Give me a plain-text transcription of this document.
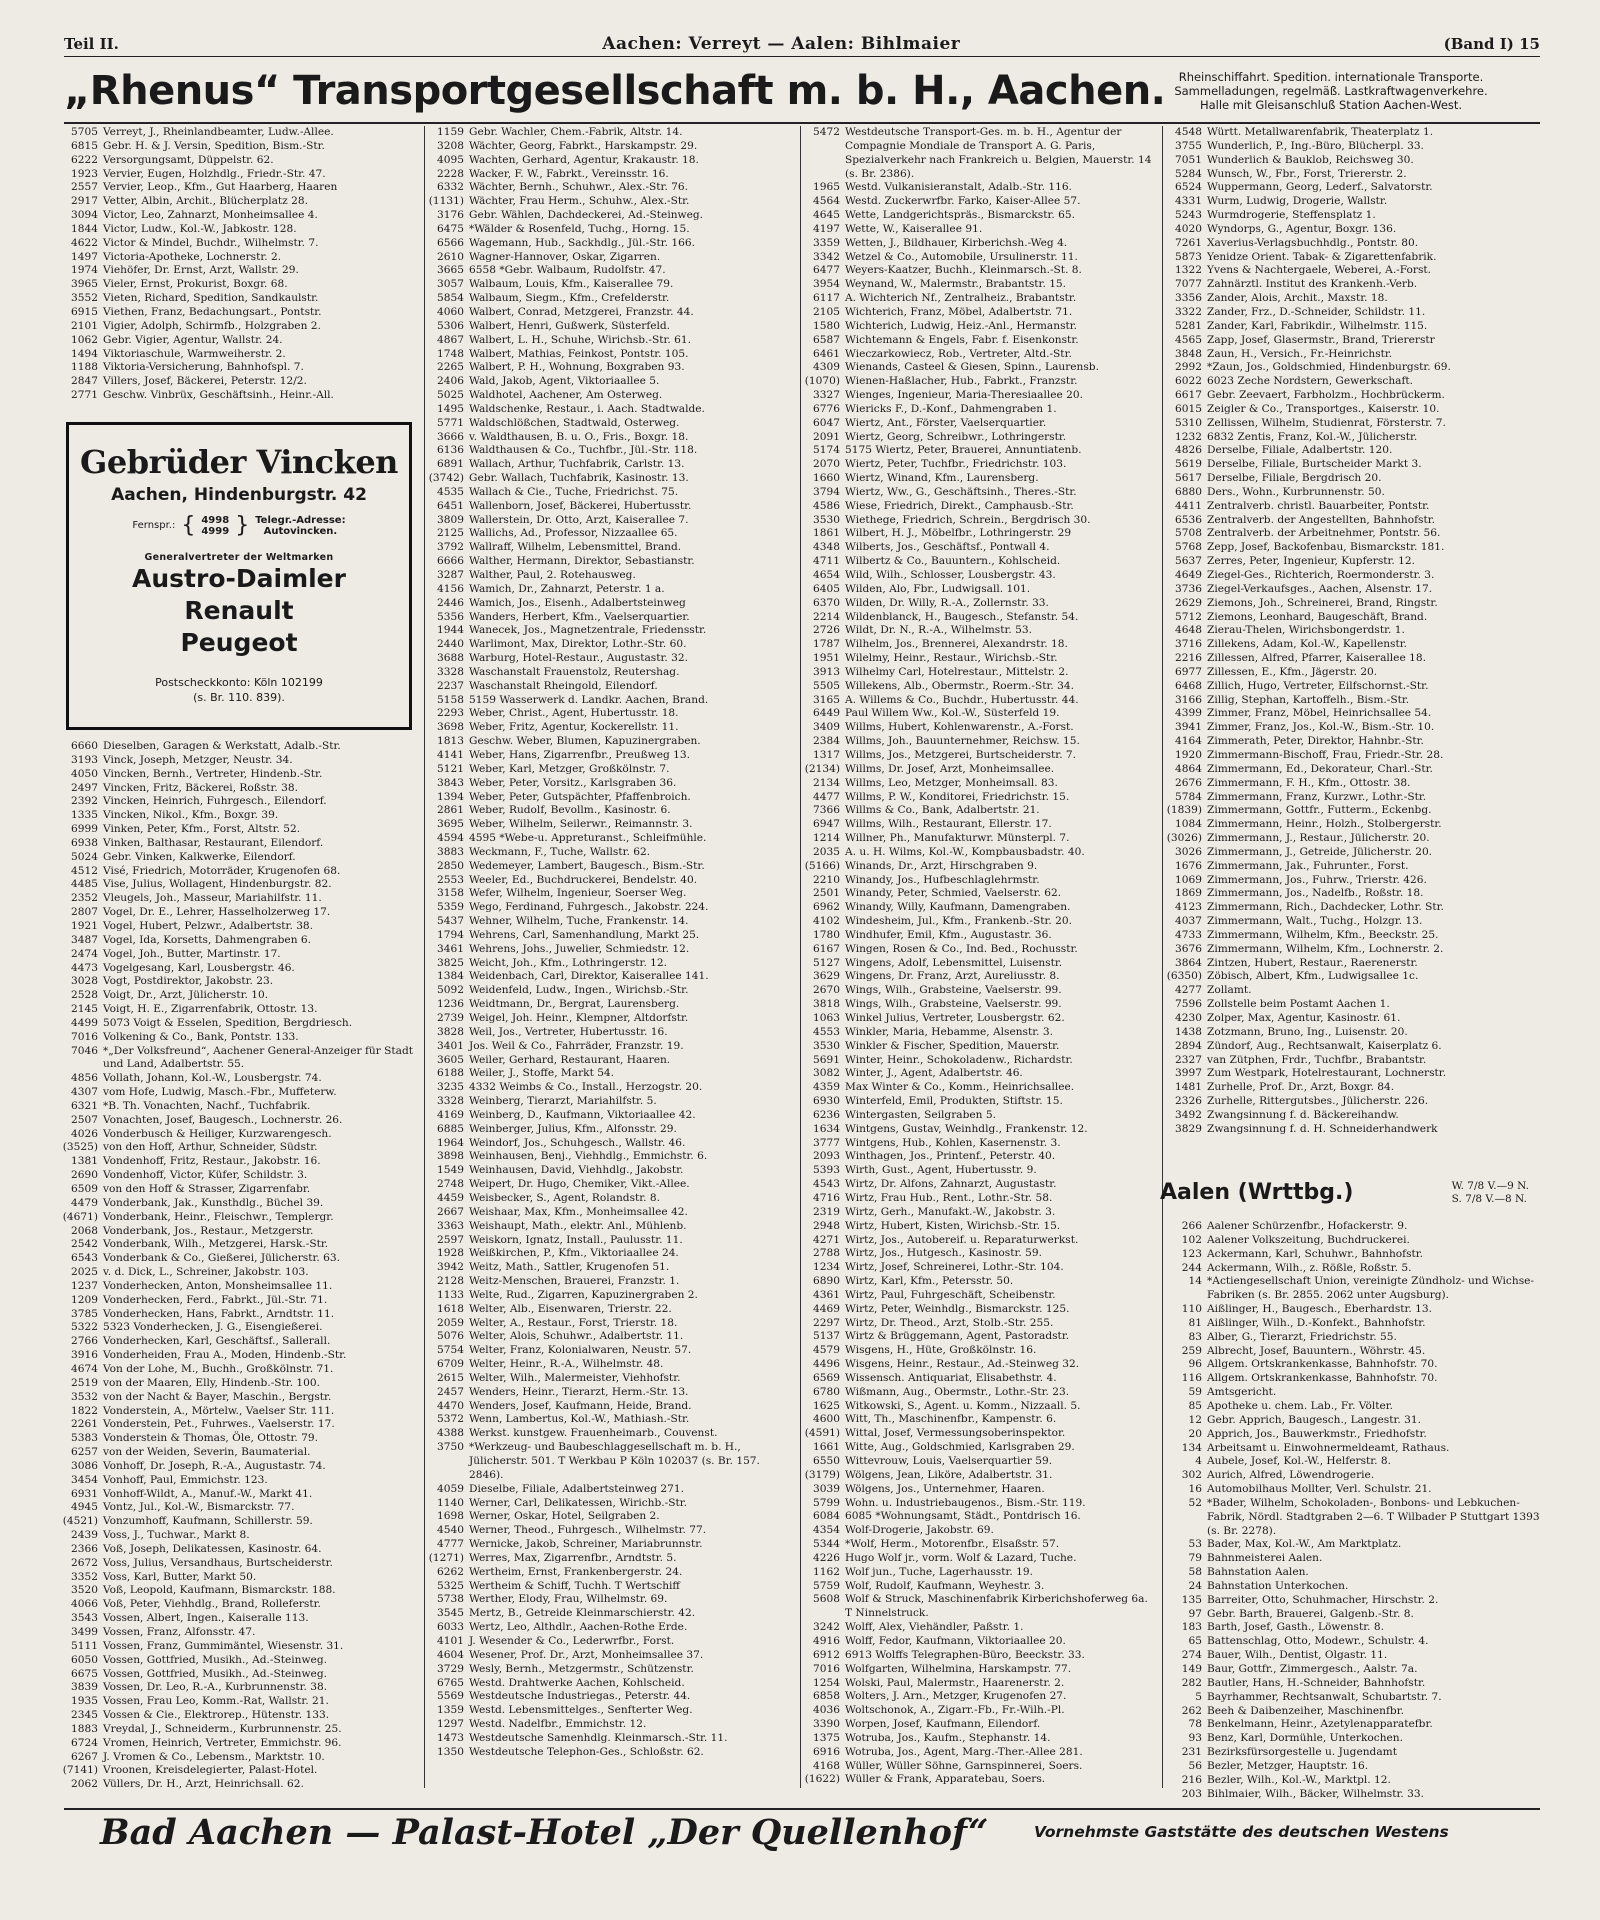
Teil II.	Aachen: Verreyt — Aalen: Bihlmaier	(Band I) 15
„Rhenus“ Transportgesellschaft m. b. H., Aachen.	Rheinschiffahrt. Spedition. internationale Transporte.
Sammelladungen, regelmäß. Lastkraftwagenverkehre.
Halle mit Gleisanschluß Station Aachen-West.
5705 Verreyt, J., Rheinlandbeamter, Ludw.-Allee.
6815 Gebr. H. & J. Versin, Spedition, Bism.-Str.
6222 Versorgungsamt, Düppelstr. 62.
1923 Vervier, Eugen, Holzhdlg., Friedr.-Str. 47.
2557 Vervier, Leop., Kfm., Gut Haarberg, Haaren
2917 Vetter, Albin, Archit., Blücherplatz 28.
3094 Victor, Leo, Zahnarzt, Monheimsallee 4.
1844 Victor, Ludw., Kol.-W., Jabkostr. 128.
4622 Victor & Mindel, Buchdr., Wilhelmstr. 7.
1497 Victoria-Apotheke, Lochnerstr. 2.
1974 Viehöfer, Dr. Ernst, Arzt, Wallstr. 29.
3965 Vieler, Ernst, Prokurist, Boxgr. 68.
3552 Vieten, Richard, Spedition, Sandkaulstr.
6915 Viethen, Franz, Bedachungsart., Pontstr.
2101 Vigier, Adolph, Schirmfb., Holzgraben 2.
1062 Gebr. Vigier, Agentur, Wallstr. 24.
1494 Viktoriaschule, Warmweiherstr. 2.
1188 Viktoria-Versicherung, Bahnhofspl. 7.
2847 Villers, Josef, Bäckerei, Peterstr. 12/2.
2771 Geschw. Vinbrüx, Geschäftsinh., Heinr.-All.
Gebrüder Vincken
Aachen, Hindenburgstr. 42
Fernspr.: { 4998
4999 } Telegr.-Adresse:
Autovincken.
Generalvertreter der Weltmarken
Austro-Daimler
Renault
Peugeot
Postscheckkonto: Köln 102199
(s. Br. 110. 839).
6660 Dieselben, Garagen & Werkstatt, Adalb.-Str.
3193 Vinck, Joseph, Metzger, Neustr. 34.
4050 Vincken, Bernh., Vertreter, Hindenb.-Str.
2497 Vincken, Fritz, Bäckerei, Roßstr. 38.
2392 Vincken, Heinrich, Fuhrgesch., Eilendorf.
1335 Vincken, Nikol., Kfm., Boxgr. 39.
6999 Vinken, Peter, Kfm., Forst, Altstr. 52.
6938 Vinken, Balthasar, Restaurant, Eilendorf.
5024 Gebr. Vinken, Kalkwerke, Eilendorf.
4512 Visé, Friedrich, Motorräder, Krugenofen 68.
4485 Vise, Julius, Wollagent, Hindenburgstr. 82.
2352 Vleugels, Joh., Masseur, Mariahilfstr. 11.
2807 Vogel, Dr. E., Lehrer, Hasselholzerweg 17.
1921 Vogel, Hubert, Pelzwr., Adalbertstr. 38.
3487 Vogel, Ida, Korsetts, Dahmengraben 6.
2474 Vogel, Joh., Butter, Martinstr. 17.
4473 Vogelgesang, Karl, Lousbergstr. 46.
3028 Vogt, Postdirektor, Jakobstr. 23.
2528 Voigt, Dr., Arzt, Jülicherstr. 10.
2145 Voigt, H. E., Zigarrenfabrik, Ottostr. 13.
4499 5073 Voigt & Esselen, Spedition, Bergdriesch.
7016 Volkening & Co., Bank, Pontstr. 133.
7046 *„Der Volksfreund“, Aachener General-Anzeiger für Stadt und Land, Adalbertstr. 55.
4856 Vollath, Johann, Kol.-W., Lousbergstr. 74.
4307 vom Hofe, Ludwig, Masch.-Fbr., Muffeterw.
6321 *B. Th. Vonachten, Nachf., Tuchfabrik.
2507 Vonachten, Josef, Baugesch., Lochnerstr. 26.
4026 Vonderbusch & Heiliger, Kurzwarengesch.
(3525) von den Hoff, Arthur, Schneider, Südstr.
1381 Vondenhoff, Fritz, Restaur., Jakobstr. 16.
2690 Vondenhoff, Victor, Küfer, Schildstr. 3.
6509 von den Hoff & Strasser, Zigarrenfabr.
4479 Vonderbank, Jak., Kunsthdlg., Büchel 39.
(4671) Vonderbank, Heinr., Fleischwr., Templergr.
2068 Vonderbank, Jos., Restaur., Metzgerstr.
2542 Vonderbank, Wilh., Metzgerei, Harsk.-Str.
6543 Vonderbank & Co., Gießerei, Jülicherstr. 63.
2025 v. d. Dick, L., Schreiner, Jakobstr. 103.
1237 Vonderhecken, Anton, Monsheimsallee 11.
1209 Vonderhecken, Ferd., Fabrkt., Jül.-Str. 71.
3785 Vonderhecken, Hans, Fabrkt., Arndtstr. 11.
5322 5323 Vonderhecken, J. G., Eisengießerei.
2766 Vonderhecken, Karl, Geschäftsf., Sallerall.
3916 Vonderheiden, Frau A., Moden, Hindenb.-Str.
4674 Von der Lohe, M., Buchh., Großkölnstr. 71.
2519 von der Maaren, Elly, Hindenb.-Str. 100.
3532 von der Nacht & Bayer, Maschin., Bergstr.
1822 Vonderstein, A., Mörtelw., Vaelser Str. 111.
2261 Vonderstein, Pet., Fuhrwes., Vaelserstr. 17.
5383 Vonderstein & Thomas, Öle, Ottostr. 79.
6257 von der Weiden, Severin, Baumaterial.
3086 Vonhoff, Dr. Joseph, R.-A., Augustastr. 74.
3454 Vonhoff, Paul, Emmichstr. 123.
6931 Vonhoff-Wildt, A., Manuf.-W., Markt 41.
4945 Vontz, Jul., Kol.-W., Bismarckstr. 77.
(4521) Vonzumhoff, Kaufmann, Schillerstr. 59.
2439 Voss, J., Tuchwar., Markt 8.
2366 Voß, Joseph, Delikatessen, Kasinostr. 64.
2672 Voss, Julius, Versandhaus, Burtscheiderstr.
3352 Voss, Karl, Butter, Markt 50.
3520 Voß, Leopold, Kaufmann, Bismarckstr. 188.
4066 Voß, Peter, Viehhdlg., Brand, Rolleferstr.
3543 Vossen, Albert, Ingen., Kaiseralle 113.
3499 Vossen, Franz, Alfonsstr. 47.
5111 Vossen, Franz, Gummimäntel, Wiesenstr. 31.
6050 Vossen, Gottfried, Musikh., Ad.-Steinweg.
6675 Vossen, Gottfried, Musikh., Ad.-Steinweg.
3839 Vossen, Dr. Leo, R.-A., Kurbrunnenstr. 38.
1935 Vossen, Frau Leo, Komm.-Rat, Wallstr. 21.
2345 Vossen & Cie., Elektrorep., Hütenstr. 133.
1883 Vreydal, J., Schneiderm., Kurbrunnenstr. 25.
6724 Vromen, Heinrich, Vertreter, Emmichstr. 96.
6267 J. Vromen & Co., Lebensm., Marktstr. 10.
(7141) Vroonen, Kreisdelegierter, Palast-Hotel.
2062 Vüllers, Dr. H., Arzt, Heinrichsall. 62.
1159 Gebr. Wachler, Chem.-Fabrik, Altstr. 14.
3208 Wächter, Georg, Fabrkt., Harskampstr. 29.
4095 Wachten, Gerhard, Agentur, Krakaustr. 18.
2228 Wacker, F. W., Fabrkt., Vereinsstr. 16.
6332 Wächter, Bernh., Schuhwr., Alex.-Str. 76.
(1131) Wächter, Frau Herm., Schuhw., Alex.-Str.
3176 Gebr. Wählen, Dachdeckerei, Ad.-Steinweg.
6475 *Wälder & Rosenfeld, Tuchg., Horng. 15.
6566 Wagemann, Hub., Sackhdlg., Jül.-Str. 166.
2610 Wagner-Hannover, Oskar, Zigarren.
3665 6558 *Gebr. Walbaum, Rudolfstr. 47.
3057 Walbaum, Louis, Kfm., Kaiserallee 79.
5854 Walbaum, Siegm., Kfm., Crefelderstr.
4060 Walbert, Conrad, Metzgerei, Franzstr. 44.
5306 Walbert, Henri, Gußwerk, Süsterfeld.
4867 Walbert, L. H., Schuhe, Wirichsb.-Str. 61.
1748 Walbert, Mathias, Feinkost, Pontstr. 105.
2265 Walbert, P. H., Wohnung, Boxgraben 93.
2406 Wald, Jakob, Agent, Viktoriaallee 5.
5025 Waldhotel, Aachener, Am Osterweg.
1495 Waldschenke, Restaur., i. Aach. Stadtwalde.
5771 Waldschlößchen, Stadtwald, Osterweg.
3666 v. Waldthausen, B. u. O., Fris., Boxgr. 18.
6136 Waldthausen & Co., Tuchfbr., Jül.-Str. 118.
6891 Wallach, Arthur, Tuchfabrik, Carlstr. 13.
(3742) Gebr. Wallach, Tuchfabrik, Kasinostr. 13.
4535 Wallach & Cie., Tuche, Friedrichst. 75.
6451 Wallenborn, Josef, Bäckerei, Hubertusstr.
3809 Wallerstein, Dr. Otto, Arzt, Kaiserallee 7.
2125 Wallichs, Ad., Professor, Nizzaallee 65.
3792 Wallraff, Wilhelm, Lebensmittel, Brand.
6666 Walther, Hermann, Direktor, Sebastianstr.
3287 Walther, Paul, 2. Rotehausweg.
4156 Wamich, Dr., Zahnarzt, Peterstr. 1 a.
2446 Wamich, Jos., Eisenh., Adalbertsteinweg
5356 Wanders, Herbert, Kfm., Vaelserquartier.
1944 Wanecek, Jos., Magnetzentrale, Friedensstr.
2440 Warlimont, Max, Direktor, Lothr.-Str. 60.
3688 Warburg, Hotel-Restaur., Augustastr. 32.
3328 Waschanstalt Frauenstolz, Reutershag.
2237 Waschanstalt Rheingold, Eilendorf.
5158 5159 Wasserwerk d. Landkr. Aachen, Brand.
2293 Weber, Christ., Agent, Hubertusstr. 18.
3698 Weber, Fritz, Agentur, Kockerellstr. 11.
1813 Geschw. Weber, Blumen, Kapuzinergraben.
4141 Weber, Hans, Zigarrenfbr., Preußweg 13.
5121 Weber, Karl, Metzger, Großkölnstr. 7.
3843 Weber, Peter, Vorsitz., Karlsgraben 36.
1394 Weber, Peter, Gutspächter, Pfaffenbroich.
2861 Weber, Rudolf, Bevollm., Kasinostr. 6.
3695 Weber, Wilhelm, Seilerwr., Reimannstr. 3.
4594 4595 *Webe-u. Appreturanst., Schleifmühle.
3883 Weckmann, F., Tuche, Wallstr. 62.
2850 Wedemeyer, Lambert, Baugesch., Bism.-Str.
2553 Weeler, Ed., Buchdruckerei, Bendelstr. 40.
3158 Wefer, Wilhelm, Ingenieur, Soerser Weg.
5359 Wego, Ferdinand, Fuhrgesch., Jakobstr. 224.
5437 Wehner, Wilhelm, Tuche, Frankenstr. 14.
1794 Wehrens, Carl, Samenhandlung, Markt 25.
3461 Wehrens, Johs., Juwelier, Schmiedstr. 12.
3825 Weicht, Joh., Kfm., Lothringerstr. 12.
1384 Weidenbach, Carl, Direktor, Kaiserallee 141.
5092 Weidenfeld, Ludw., Ingen., Wirichsb.-Str.
1236 Weidtmann, Dr., Bergrat, Laurensberg.
2739 Weigel, Joh. Heinr., Klempner, Altdorfstr.
3828 Weil, Jos., Vertreter, Hubertusstr. 16.
3401 Jos. Weil & Co., Fahrräder, Franzstr. 19.
3605 Weiler, Gerhard, Restaurant, Haaren.
6188 Weiler, J., Stoffe, Markt 54.
3235 4332 Weimbs & Co., Install., Herzogstr. 20.
3328 Weinberg, Tierarzt, Mariahilfstr. 5.
4169 Weinberg, D., Kaufmann, Viktoriaallee 42.
6885 Weinberger, Julius, Kfm., Alfonsstr. 29.
1964 Weindorf, Jos., Schuhgesch., Wallstr. 46.
3898 Weinhausen, Benj., Viehhdlg., Emmichstr. 6.
1549 Weinhausen, David, Viehhdlg., Jakobstr.
2748 Weipert, Dr. Hugo, Chemiker, Vikt.-Allee.
4459 Weisbecker, S., Agent, Rolandstr. 8.
2667 Weishaar, Max, Kfm., Monheimsallee 42.
3363 Weishaupt, Math., elektr. Anl., Mühlenb.
2597 Weiskorn, Ignatz, Install., Paulusstr. 11.
1928 Weißkirchen, P., Kfm., Viktoriaallee 24.
3942 Weitz, Math., Sattler, Krugenofen 51.
2128 Weitz-Menschen, Brauerei, Franzstr. 1.
1133 Welte, Rud., Zigarren, Kapuzinergraben 2.
1618 Welter, Alb., Eisenwaren, Trierstr. 22.
2059 Welter, A., Restaur., Forst, Trierstr. 18.
5076 Welter, Alois, Schuhwr., Adalbertstr. 11.
5754 Welter, Franz, Kolonialwaren, Neustr. 57.
6709 Welter, Heinr., R.-A., Wilhelmstr. 48.
2615 Welter, Wilh., Malermeister, Viehhofstr.
2457 Wenders, Heinr., Tierarzt, Herm.-Str. 13.
4470 Wenders, Josef, Kaufmann, Heide, Brand.
5372 Wenn, Lambertus, Kol.-W., Mathiash.-Str.
4388 Werkst. kunstgew. Frauenheimarb., Couvenst.
3750 *Werkzeug- und Baubeschlaggesellschaft m. b. H., Jülicherstr. 501. T Werkbau P Köln 102037 (s. Br. 157. 2846).
4059 Dieselbe, Filiale, Adalbertsteinweg 271.
1140 Werner, Carl, Delikatessen, Wirichb.-Str.
1698 Werner, Oskar, Hotel, Seilgraben 2.
4540 Werner, Theod., Fuhrgesch., Wilhelmstr. 77.
4777 Wernicke, Jakob, Schreiner, Mariabrunnstr.
(1271) Werres, Max, Zigarrenfbr., Arndtstr. 5.
6262 Wertheim, Ernst, Frankenbergerstr. 24.
5325 Wertheim & Schiff, Tuchh. T Wertschiff
5738 Werther, Elody, Frau, Wilhelmstr. 69.
3545 Mertz, B., Getreide Kleinmarschierstr. 42.
6033 Wertz, Leo, Althdlr., Aachen-Rothe Erde.
4101 J. Wesender & Co., Lederwrfbr., Forst.
4604 Wesener, Prof. Dr., Arzt, Monheimsallee 37.
3729 Wesly, Bernh., Metzgermstr., Schützenstr.
6765 Westd. Drahtwerke Aachen, Kohlscheid.
5569 Westdeutsche Industriegas., Peterstr. 44.
1359 Westd. Lebensmittelges., Senfterter Weg.
1297 Westd. Nadelfbr., Emmichstr. 12.
1473 Westdeutsche Samenhdlg. Kleinmarsch.-Str. 11.
1350 Westdeutsche Telephon-Ges., Schloßstr. 62.
5472 Westdeutsche Transport-Ges. m. b. H., Agentur der Compagnie Mondiale de Transport A. G. Paris, Spezialverkehr nach Frankreich u. Belgien, Mauerstr. 14 (s. Br. 2386).
1965 Westd. Vulkanisieranstalt, Adalb.-Str. 116.
4564 Westd. Zuckerwrfbr. Farko, Kaiser-Allee 57.
4645 Wette, Landgerichtspräs., Bismarckstr. 65.
4197 Wette, W., Kaiserallee 91.
3359 Wetten, J., Bildhauer, Kirberichsh.-Weg 4.
3342 Wetzel & Co., Automobile, Ursulinerstr. 11.
6477 Weyers-Kaatzer, Buchh., Kleinmarsch.-St. 8.
3954 Weynand, W., Malermstr., Brabantstr. 15.
6117 A. Wichterich Nf., Zentralheiz., Brabantstr.
2105 Wichterich, Franz, Möbel, Adalbertstr. 71.
1580 Wichterich, Ludwig, Heiz.-Anl., Hermanstr.
6587 Wichtemann & Engels, Fabr. f. Eisenkonstr.
6461 Wieczarkowiecz, Rob., Vertreter, Altd.-Str.
4309 Wienands, Casteel & Giesen, Spinn., Laurensb.
(1070) Wienen-Haßlacher, Hub., Fabrkt., Franzstr.
3327 Wienges, Ingenieur, Maria-Theresiaallee 20.
6776 Wiericks F., D.-Konf., Dahmengraben 1.
6047 Wiertz, Ant., Förster, Vaelserquartier.
2091 Wiertz, Georg, Schreibwr., Lothringerstr.
5174 5175 Wiertz, Peter, Brauerei, Annuntiatenb.
2070 Wiertz, Peter, Tuchfbr., Friedrichstr. 103.
1660 Wiertz, Winand, Kfm., Laurensberg.
3794 Wiertz, Ww., G., Geschäftsinh., Theres.-Str.
4586 Wiese, Friedrich, Direkt., Camphausb.-Str.
3530 Wiethege, Friedrich, Schrein., Bergdrisch 30.
1861 Wilbert, H. J., Möbelfbr., Lothringerstr. 29
4348 Wilberts, Jos., Geschäftsf., Pontwall 4.
4711 Wilbertz & Co., Bauuntern., Kohlscheid.
4654 Wild, Wilh., Schlosser, Lousbergstr. 43.
6405 Wilden, Alo, Fbr., Ludwigsall. 101.
6370 Wilden, Dr. Willy, R.-A., Zollernstr. 33.
2214 Wildenblanck, H., Baugesch., Stefanstr. 54.
2726 Wildt, Dr. N., R.-A., Wilhelmstr. 53.
1787 Wilhelm, Jos., Brennerei, Alexandrstr. 18.
1951 Wilelmy, Heinr., Restaur., Wirichsb.-Str.
3913 Wilhelmy Carl, Hotelrestaur., Mittelstr. 2.
5505 Willekens, Alb., Obermstr., Roerm.-Str. 34.
3165 A. Willems & Co., Buchdr., Hubertusstr. 44.
6449 Paul Willem Ww., Kol.-W., Süsterfeld 19.
3409 Willms, Hubert, Kohlenwarenstr., A.-Forst.
2384 Willms, Joh., Bauunternehmer, Reichsw. 15.
1317 Willms, Jos., Metzgerei, Burtscheiderstr. 7.
(2134) Willms, Dr. Josef, Arzt, Monheimsallee.
2134 Willms, Leo, Metzger, Monheimsall. 83.
4477 Willms, P. W., Konditorei, Friedrichstr. 15.
7366 Willms & Co., Bank, Adalbertstr. 21.
6947 Willms, Wilh., Restaurant, Ellerstr. 17.
1214 Willner, Ph., Manufakturwr. Münsterpl. 7.
2035 A. u. H. Wilms, Kol.-W., Kompbausbadstr. 40.
(5166) Winands, Dr., Arzt, Hirschgraben 9.
2210 Winandy, Jos., Hufbeschlaglehrmstr.
2501 Winandy, Peter, Schmied, Vaelserstr. 62.
6962 Winandy, Willy, Kaufmann, Damengraben.
4102 Windesheim, Jul., Kfm., Frankenb.-Str. 20.
1780 Windhufer, Emil, Kfm., Augustastr. 36.
6167 Wingen, Rosen & Co., Ind. Bed., Rochusstr.
5127 Wingens, Adolf, Lebensmittel, Luisenstr.
3629 Wingens, Dr. Franz, Arzt, Aureliusstr. 8.
2670 Wings, Wilh., Grabsteine, Vaelserstr. 99.
3818 Wings, Wilh., Grabsteine, Vaelserstr. 99.
1063 Winkel Julius, Vertreter, Lousbergstr. 62.
4553 Winkler, Maria, Hebamme, Alsenstr. 3.
3530 Winkler & Fischer, Spedition, Mauerstr.
5691 Winter, Heinr., Schokoladenw., Richardstr.
3082 Winter, J., Agent, Adalbertstr. 46.
4359 Max Winter & Co., Komm., Heinrichsallee.
6930 Winterfeld, Emil, Produkten, Stiftstr. 15.
6236 Wintergasten, Seilgraben 5.
1634 Wintgens, Gustav, Weinhdlg., Frankenstr. 12.
3777 Wintgens, Hub., Kohlen, Kasernenstr. 3.
2093 Winthagen, Jos., Printenf., Peterstr. 40.
5393 Wirth, Gust., Agent, Hubertusstr. 9.
4543 Wirtz, Dr. Alfons, Zahnarzt, Augustastr.
4716 Wirtz, Frau Hub., Rent., Lothr.-Str. 58.
2319 Wirtz, Gerh., Manufakt.-W., Jakobstr. 3.
2948 Wirtz, Hubert, Kisten, Wirichsb.-Str. 15.
4271 Wirtz, Jos., Autobereif. u. Reparaturwerkst.
2788 Wirtz, Jos., Hutgesch., Kasinostr. 59.
1234 Wirtz, Josef, Schreinerei, Lothr.-Str. 104.
6890 Wirtz, Karl, Kfm., Petersstr. 50.
4361 Wirtz, Paul, Fuhrgeschäft, Scheibenstr.
4469 Wirtz, Peter, Weinhdlg., Bismarckstr. 125.
2297 Wirtz, Dr. Theod., Arzt, Stolb.-Str. 255.
5137 Wirtz & Brüggemann, Agent, Pastoradstr.
4579 Wisgens, H., Hüte, Großkölnstr. 16.
4496 Wisgens, Heinr., Restaur., Ad.-Steinweg 32.
6569 Wissensch. Antiquariat, Elisabethstr. 4.
6780 Wißmann, Aug., Obermstr., Lothr.-Str. 23.
1625 Witkowski, S., Agent. u. Komm., Nizzaall. 5.
4600 Witt, Th., Maschinenfbr., Kampenstr. 6.
(4591) Wittal, Josef, Vermessungsoberinspektor.
1661 Witte, Aug., Goldschmied, Karlsgraben 29.
6550 Wittevrouw, Louis, Vaelserquartier 59.
(3179) Wölgens, Jean, Liköre, Adalbertstr. 31.
3039 Wölgens, Jos., Unternehmer, Haaren.
5799 Wohn. u. Industriebaugenos., Bism.-Str. 119.
6084 6085 *Wohnungsamt, Städt., Pontdrisch 16.
4354 Wolf-Drogerie, Jakobstr. 69.
5344 *Wolf, Herm., Motorenfbr., Elsaßstr. 57.
4226 Hugo Wolf jr., vorm. Wolf & Lazard, Tuche.
1162 Wolf jun., Tuche, Lagerhausstr. 19.
5759 Wolf, Rudolf, Kaufmann, Weyhestr. 3.
5608 Wolf & Struck, Maschinenfabrik Kirberichshoferweg 6a. T Ninnelstruck.
3242 Wolff, Alex, Viehändler, Paßstr. 1.
4916 Wolff, Fedor, Kaufmann, Viktoriaallee 20.
6912 6913 Wolffs Telegraphen-Büro, Beeckstr. 33.
7016 Wolfgarten, Wilhelmina, Harskampstr. 77.
1254 Wolski, Paul, Malermstr., Haarenerstr. 2.
6858 Wolters, J. Arn., Metzger, Krugenofen 27.
4036 Woltschonok, A., Zigarr.-Fb., Fr.-Wilh.-Pl.
3390 Worpen, Josef, Kaufmann, Eilendorf.
1375 Wotruba, Jos., Kaufm., Stephanstr. 14.
6916 Wotruba, Jos., Agent, Marg.-Ther.-Allee 281.
4168 Wüller, Wüller Söhne, Garnspinnerei, Soers.
(1622) Wüller & Frank, Apparatebau, Soers.
4548 Württ. Metallwarenfabrik, Theaterplatz 1.
3755 Wunderlich, P., Ing.-Büro, Blücherpl. 33.
7051 Wunderlich & Bauklob, Reichsweg 30.
5284 Wunsch, W., Fbr., Forst, Triererstr. 2.
6524 Wuppermann, Georg, Lederf., Salvatorstr.
4331 Wurm, Ludwig, Drogerie, Wallstr.
5243 Wurmdrogerie, Steffensplatz 1.
4020 Wyndorps, G., Agentur, Boxgr. 136.
7261 Xaverius-Verlagsbuchhdlg., Pontstr. 80.
5873 Yenidze Orient. Tabak- & Zigarettenfabrik.
1322 Yvens & Nachtergaele, Weberei, A.-Forst.
7077 Zahnärztl. Institut des Krankenh.-Verb.
3356 Zander, Alois, Archit., Maxstr. 18.
3322 Zander, Frz., D.-Schneider, Schildstr. 11.
5281 Zander, Karl, Fabrikdir., Wilhelmstr. 115.
4565 Zapp, Josef, Glasermstr., Brand, Triererstr
3848 Zaun, H., Versich., Fr.-Heinrichstr.
2992 *Zaun, Jos., Goldschmied, Hindenburgstr. 69.
6022 6023 Zeche Nordstern, Gewerkschaft.
6617 Gebr. Zeevaert, Farbholzm., Hochbrückerm.
6015 Zeigler & Co., Transportges., Kaiserstr. 10.
5310 Zellissen, Wilhelm, Studienrat, Försterstr. 7.
1232 6832 Zentis, Franz, Kol.-W., Jülicherstr.
4826 Derselbe, Filiale, Adalbertstr. 120.
5619 Derselbe, Filiale, Burtscheider Markt 3.
5617 Derselbe, Filiale, Bergdrisch 20.
6880 Ders., Wohn., Kurbrunnenstr. 50.
4411 Zentralverb. christl. Bauarbeiter, Pontstr.
6536 Zentralverb. der Angestellten, Bahnhofstr.
5708 Zentralverb. der Arbeitnehmer, Pontstr. 56.
5768 Zepp, Josef, Backofenbau, Bismarckstr. 181.
5637 Zerres, Peter, Ingenieur, Kupferstr. 12.
4649 Ziegel-Ges., Richterich, Roermonderstr. 3.
3736 Ziegel-Verkaufsges., Aachen, Alsenstr. 17.
2629 Ziemons, Joh., Schreinerei, Brand, Ringstr.
5712 Ziemons, Leonhard, Baugeschäft, Brand.
4648 Zierau-Thelen, Wirichsbongerdstr. 1.
3716 Zillekens, Adam, Kol.-W., Kapellenstr.
2216 Zillessen, Alfred, Pfarrer, Kaiserallee 18.
6977 Zillessen, E., Kfm., Jägerstr. 20.
6468 Zillich, Hugo, Vertreter, Eilfschornst.-Str.
3166 Zillig, Stephan, Kartoffelh., Bism.-Str.
4399 Zimmer, Franz, Möbel, Heinrichsallee 54.
3941 Zimmer, Franz, Jos., Kol.-W., Bism.-Str. 10.
4164 Zimmerath, Peter, Direktor, Hahnbr.-Str.
1920 Zimmermann-Bischoff, Frau, Friedr.-Str. 28.
4864 Zimmermann, Ed., Dekorateur, Charl.-Str.
2676 Zimmermann, F. H., Kfm., Ottostr. 38.
5784 Zimmermann, Franz, Kurzwr., Lothr.-Str.
(1839) Zimmermann, Gottfr., Futterm., Eckenbg.
1084 Zimmermann, Heinr., Holzh., Stolbergerstr.
(3026) Zimmermann, J., Restaur., Jülicherstr. 20.
3026 Zimmermann, J., Getreide, Jülicherstr. 20.
1676 Zimmermann, Jak., Fuhrunter., Forst.
1069 Zimmermann, Jos., Fuhrw., Trierstr. 426.
1869 Zimmermann, Jos., Nadelfb., Roßstr. 18.
4123 Zimmermann, Rich., Dachdecker, Lothr. Str.
4037 Zimmermann, Walt., Tuchg., Holzgr. 13.
4733 Zimmermann, Wilhelm, Kfm., Beeckstr. 25.
3676 Zimmermann, Wilhelm, Kfm., Lochnerstr. 2.
3864 Zintzen, Hubert, Restaur., Raerenerstr.
(6350) Zöbisch, Albert, Kfm., Ludwigsallee 1c.
4277 Zollamt.
7596 Zollstelle beim Postamt Aachen 1.
4230 Zolper, Max, Agentur, Kasinostr. 61.
1438 Zotzmann, Bruno, Ing., Luisenstr. 20.
2894 Zündorf, Aug., Rechtsanwalt, Kaiserplatz 6.
2327 van Zütphen, Frdr., Tuchfbr., Brabantstr.
3997 Zum Westpark, Hotelrestaurant, Lochnerstr.
1481 Zurhelle, Prof. Dr., Arzt, Boxgr. 84.
2326 Zurhelle, Rittergutsbes., Jülicherstr. 226.
3492 Zwangsinnung f. d. Bäckereihandw.
3829 Zwangsinnung f. d. H. Schneiderhandwerk
Aalen (Wrttbg.)	W. 7/8 V.—9 N.
S. 7/8 V.—8 N.
266 Aalener Schürzenfbr., Hofackerstr. 9.
102 Aalener Volkszeitung, Buchdruckerei.
123 Ackermann, Karl, Schuhwr., Bahnhofstr.
244 Ackermann, Wilh., z. Rößle, Roßstr. 5.
14 *Actiengesellschaft Union, vereinigte Zündholz- und Wichse-Fabriken (s. Br. 2855. 2062 unter Augsburg).
110 Aißlinger, H., Baugesch., Eberhardstr. 13.
81 Aißlinger, Wilh., D.-Konfekt., Bahnhofstr.
83 Alber, G., Tierarzt, Friedrichstr. 55.
259 Albrecht, Josef, Bauuntern., Wöhrstr. 45.
96 Allgem. Ortskrankenkasse, Bahnhofstr. 70.
116 Allgem. Ortskrankenkasse, Bahnhofstr. 70.
59 Amtsgericht.
85 Apotheke u. chem. Lab., Fr. Völter.
12 Gebr. Apprich, Baugesch., Langestr. 31.
20 Apprich, Jos., Bauwerkmstr., Friedhofstr.
134 Arbeitsamt u. Einwohnermeldeamt, Rathaus.
4 Aubele, Josef, Kol.-W., Helferstr. 8.
302 Aurich, Alfred, Löwendrogerie.
16 Automobilhaus Mollter, Verl. Schulstr. 21.
52 *Bader, Wilhelm, Schokoladen-, Bonbons- und Lebkuchen-Fabrik, Nördl. Stadtgraben 2—6. T Wilbader P Stuttgart 1393 (s. Br. 2278).
53 Bader, Max, Kol.-W., Am Marktplatz.
79 Bahnmeisterei Aalen.
58 Bahnstation Aalen.
24 Bahnstation Unterkochen.
135 Barreiter, Otto, Schuhmacher, Hirschstr. 2.
97 Gebr. Barth, Brauerei, Galgenb.-Str. 8.
183 Barth, Josef, Gasth., Löwenstr. 8.
65 Battenschlag, Otto, Modewr., Schulstr. 4.
274 Bauer, Wilh., Dentist, Olgastr. 11.
149 Baur, Gottfr., Zimmergesch., Aalstr. 7a.
282 Bautler, Hans, H.-Schneider, Bahnhofstr.
5 Bayrhammer, Rechtsanwalt, Schubartstr. 7.
262 Beeh & Daibenzeiher, Maschinenfbr.
78 Benkelmann, Heinr., Azetylenapparatefbr.
93 Benz, Karl, Dormühle, Unterkochen.
231 Bezirksfürsorgestelle u. Jugendamt
56 Bezler, Metzger, Hauptstr. 16.
216 Bezler, Wilh., Kol.-W., Marktpl. 12.
203 Bihlmaier, Wilh., Bäcker, Wilhelmstr. 33.
Bad Aachen — Palast-Hotel „Der Quellenhof“	Vornehmste Gaststätte des deutschen Westens
